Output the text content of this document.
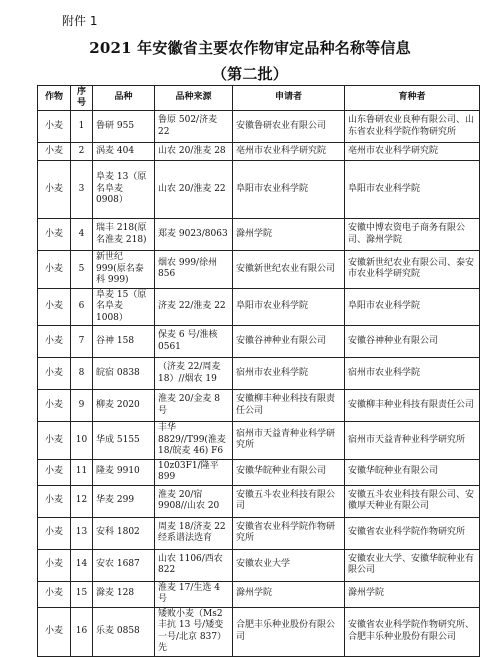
附件 1
2021 年安徽省主要农作物审定品种名称等信息
（第二批）
作物	序号	品种	品种来源	申请者	育种者
小麦	1	鲁研 955	鲁原 502/济麦 22	安徽鲁研农业有限公司	山东鲁研农业良种有限公司、山东省农业科学院作物研究所
小麦	2	涡麦 404	山农 20/淮麦 28	亳州市农业科学研究院	亳州市农业科学研究院
小麦	3	阜麦 13（原名阜麦 0908）	山农 20/淮麦 22	阜阳市农业科学院	阜阳市农业科学院
小麦	4	瑞丰 218(原名淮麦 218)	郑麦 9023/8063	滁州学院	安徽中博农资电子商务有限公司、滁州学院
小麦	5	新世纪 999(原名泰科 999)	烟农 999/徐州 856	安徽新世纪农业有限公司	安徽新世纪农业有限公司、泰安市农业科学研究院
小麦	6	阜麦 15（原名阜麦 1008）	济麦 22/淮麦 22	阜阳市农业科学院	阜阳市农业科学院
小麦	7	谷神 158	保麦 6 号/淮核 0561	安徽谷神种业有限公司	安徽谷神种业有限公司
小麦	8	皖宿 0838	（济麦 22/周麦 18）//烟农 19	宿州市农业科学院	宿州市农业科学院
小麦	9	柳麦 2020	淮麦 20/金麦 8 号	安徽柳丰种业科技有限责任公司	安徽柳丰种业科技有限责任公司
小麦	10	华成 5155	丰华 8829//T99(淮麦 18/皖麦 46) F6	宿州市天益青种业科学研究所	宿州市天益青种业科学研究所
小麦	11	隆麦 9910	10z03F1/隆平 899	安徽华皖种业有限公司	安徽华皖种业有限公司
小麦	12	华麦 299	淮麦 20/宿 9908//山农 20	安徽五斗农业科技有限公司	安徽五斗农业科技有限公司、安徽厚天种业有限公司
小麦	13	安科 1802	周麦 18/济麦 22 经系谱法选育	安徽省农业科学院作物研究所	安徽省农业科学院作物研究所
小麦	14	安农 1687	山农 1106/西农 822	安徽农业大学	安徽农业大学、安徽华皖种业有限公司
小麦	15	滁麦 128	淮麦 17/生选 4 号	滁州学院	滁州学院
小麦	16	乐麦 0858	矮败小麦（Ms2 丰抗 13 号/矮变一号/北京 837）先	合肥丰乐种业股份有限公司	安徽省农业科学院作物研究所、合肥丰乐种业股份有限公司
